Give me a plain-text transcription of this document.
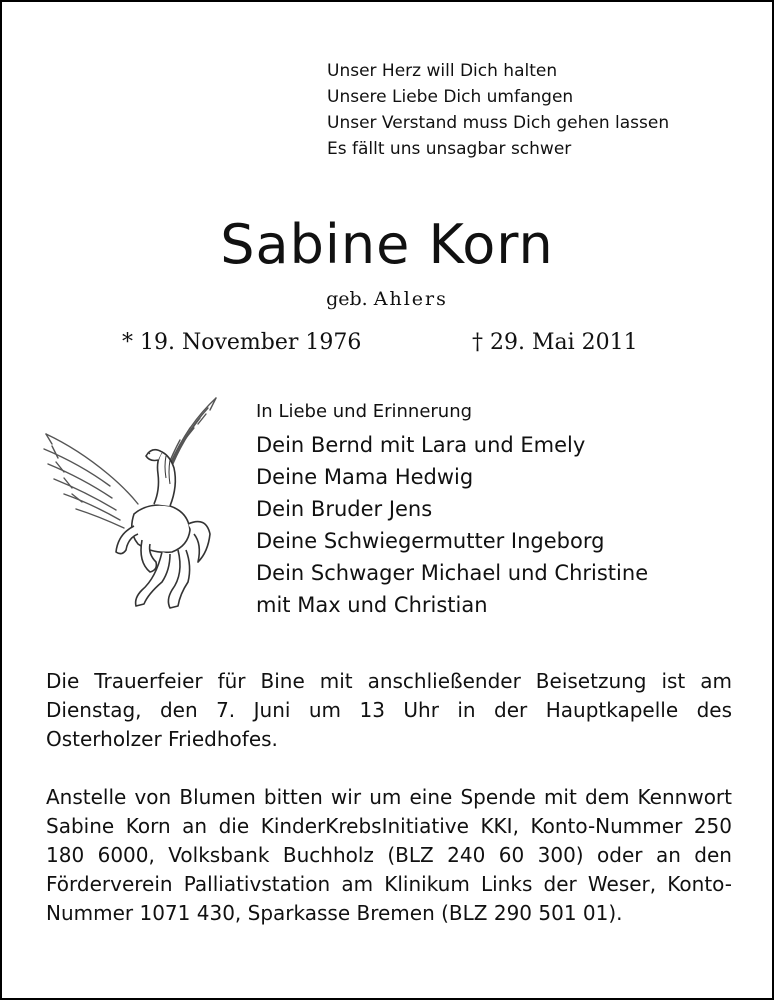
Unser Herz will Dich halten
Unsere Liebe Dich umfangen
Unser Verstand muss Dich gehen lassen
Es fällt uns unsagbar schwer
Sabine Korn
geb. Ahlers
* 19. November 1976	† 29. Mai 2011
In Liebe und Erinnerung
Dein Bernd mit Lara und Emely
Deine Mama Hedwig
Dein Bruder Jens
Deine Schwiegermutter Ingeborg
Dein Schwager Michael und Christine
mit Max und Christian
Die Trauerfeier für Bine mit anschließender Beisetzung ist am Dienstag, den 7. Juni um 13 Uhr in der Hauptkapelle des Osterholzer Friedhofes.
Anstelle von Blumen bitten wir um eine Spende mit dem Kennwort Sabine Korn an die KinderKrebsInitiative KKI, Konto-Nummer 250 180 6000, Volksbank Buchholz (BLZ 240 60 300) oder an den Förderverein Palliativstation am Klinikum Links der Weser, Konto-Nummer 1071 430, Sparkasse Bremen (BLZ 290 501 01).
